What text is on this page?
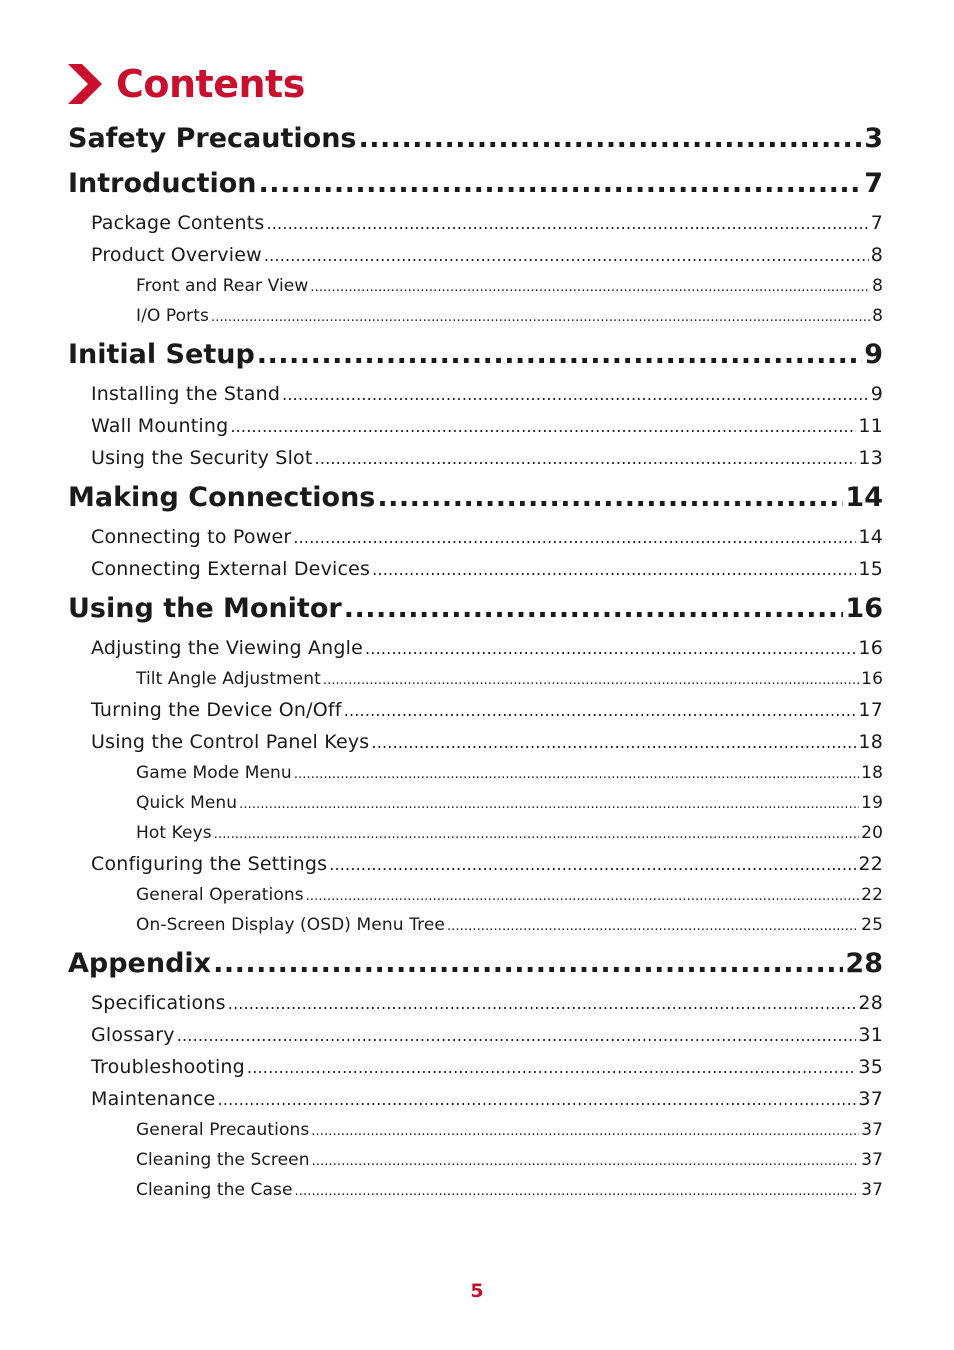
Contents
Safety Precautions .....	3
Introduction .....	7
Package Contents .....	7
Product Overview .....	8
Front and Rear View .....	8
I/O Ports .....	8
Initial Setup .....	9
Installing the Stand .....	9
Wall Mounting .....	11
Using the Security Slot .....	13
Making Connections .....	14
Connecting to Power .....	14
Connecting External Devices .....	15
Using the Monitor .....	16
Adjusting the Viewing Angle .....	16
Tilt Angle Adjustment .....	16
Turning the Device On/Off .....	17
Using the Control Panel Keys .....	18
Game Mode Menu .....	18
Quick Menu .....	19
Hot Keys .....	20
Configuring the Settings .....	22
General Operations .....	22
On-Screen Display (OSD) Menu Tree .....	25
Appendix .....	28
Specifications .....	28
Glossary .....	31
Troubleshooting .....	35
Maintenance .....	37
General Precautions .....	37
Cleaning the Screen .....	37
Cleaning the Case .....	37
5
